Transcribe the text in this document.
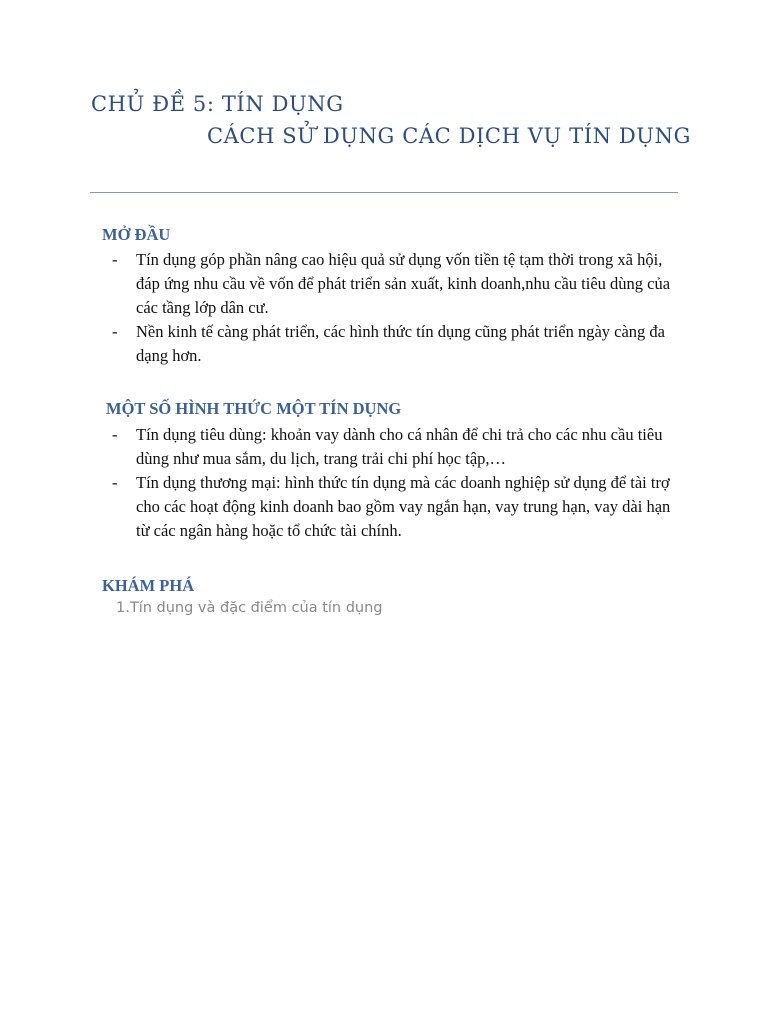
CHỦ ĐỀ 5: TÍN DỤNG
CÁCH SỬ DỤNG CÁC DỊCH VỤ TÍN DỤNG
MỞ ĐẦU
- Tín dụng góp phần nâng cao hiệu quả sử dụng vốn tiền tệ tạm thời trong xã hội, đáp ứng nhu cầu về vốn để phát triển sản xuất, kinh doanh,nhu cầu tiêu dùng của các tầng lớp dân cư.
- Nền kinh tế càng phát triển, các hình thức tín dụng cũng phát triển ngày càng đa dạng hơn.
MỘT SỐ HÌNH THỨC MỘT TÍN DỤNG
- Tín dụng tiêu dùng: khoản vay dành cho cá nhân để chi trả cho các nhu cầu tiêu dùng như mua sắm, du lịch, trang trải chi phí học tập,…
- Tín dụng thương mại: hình thức tín dụng mà các doanh nghiệp sử dụng để tài trợ cho các hoạt động kinh doanh bao gồm vay ngắn hạn, vay trung hạn, vay dài hạn từ các ngân hàng hoặc tổ chức tài chính.
KHÁM PHÁ
1.Tín dụng và đặc điểm của tín dụng
